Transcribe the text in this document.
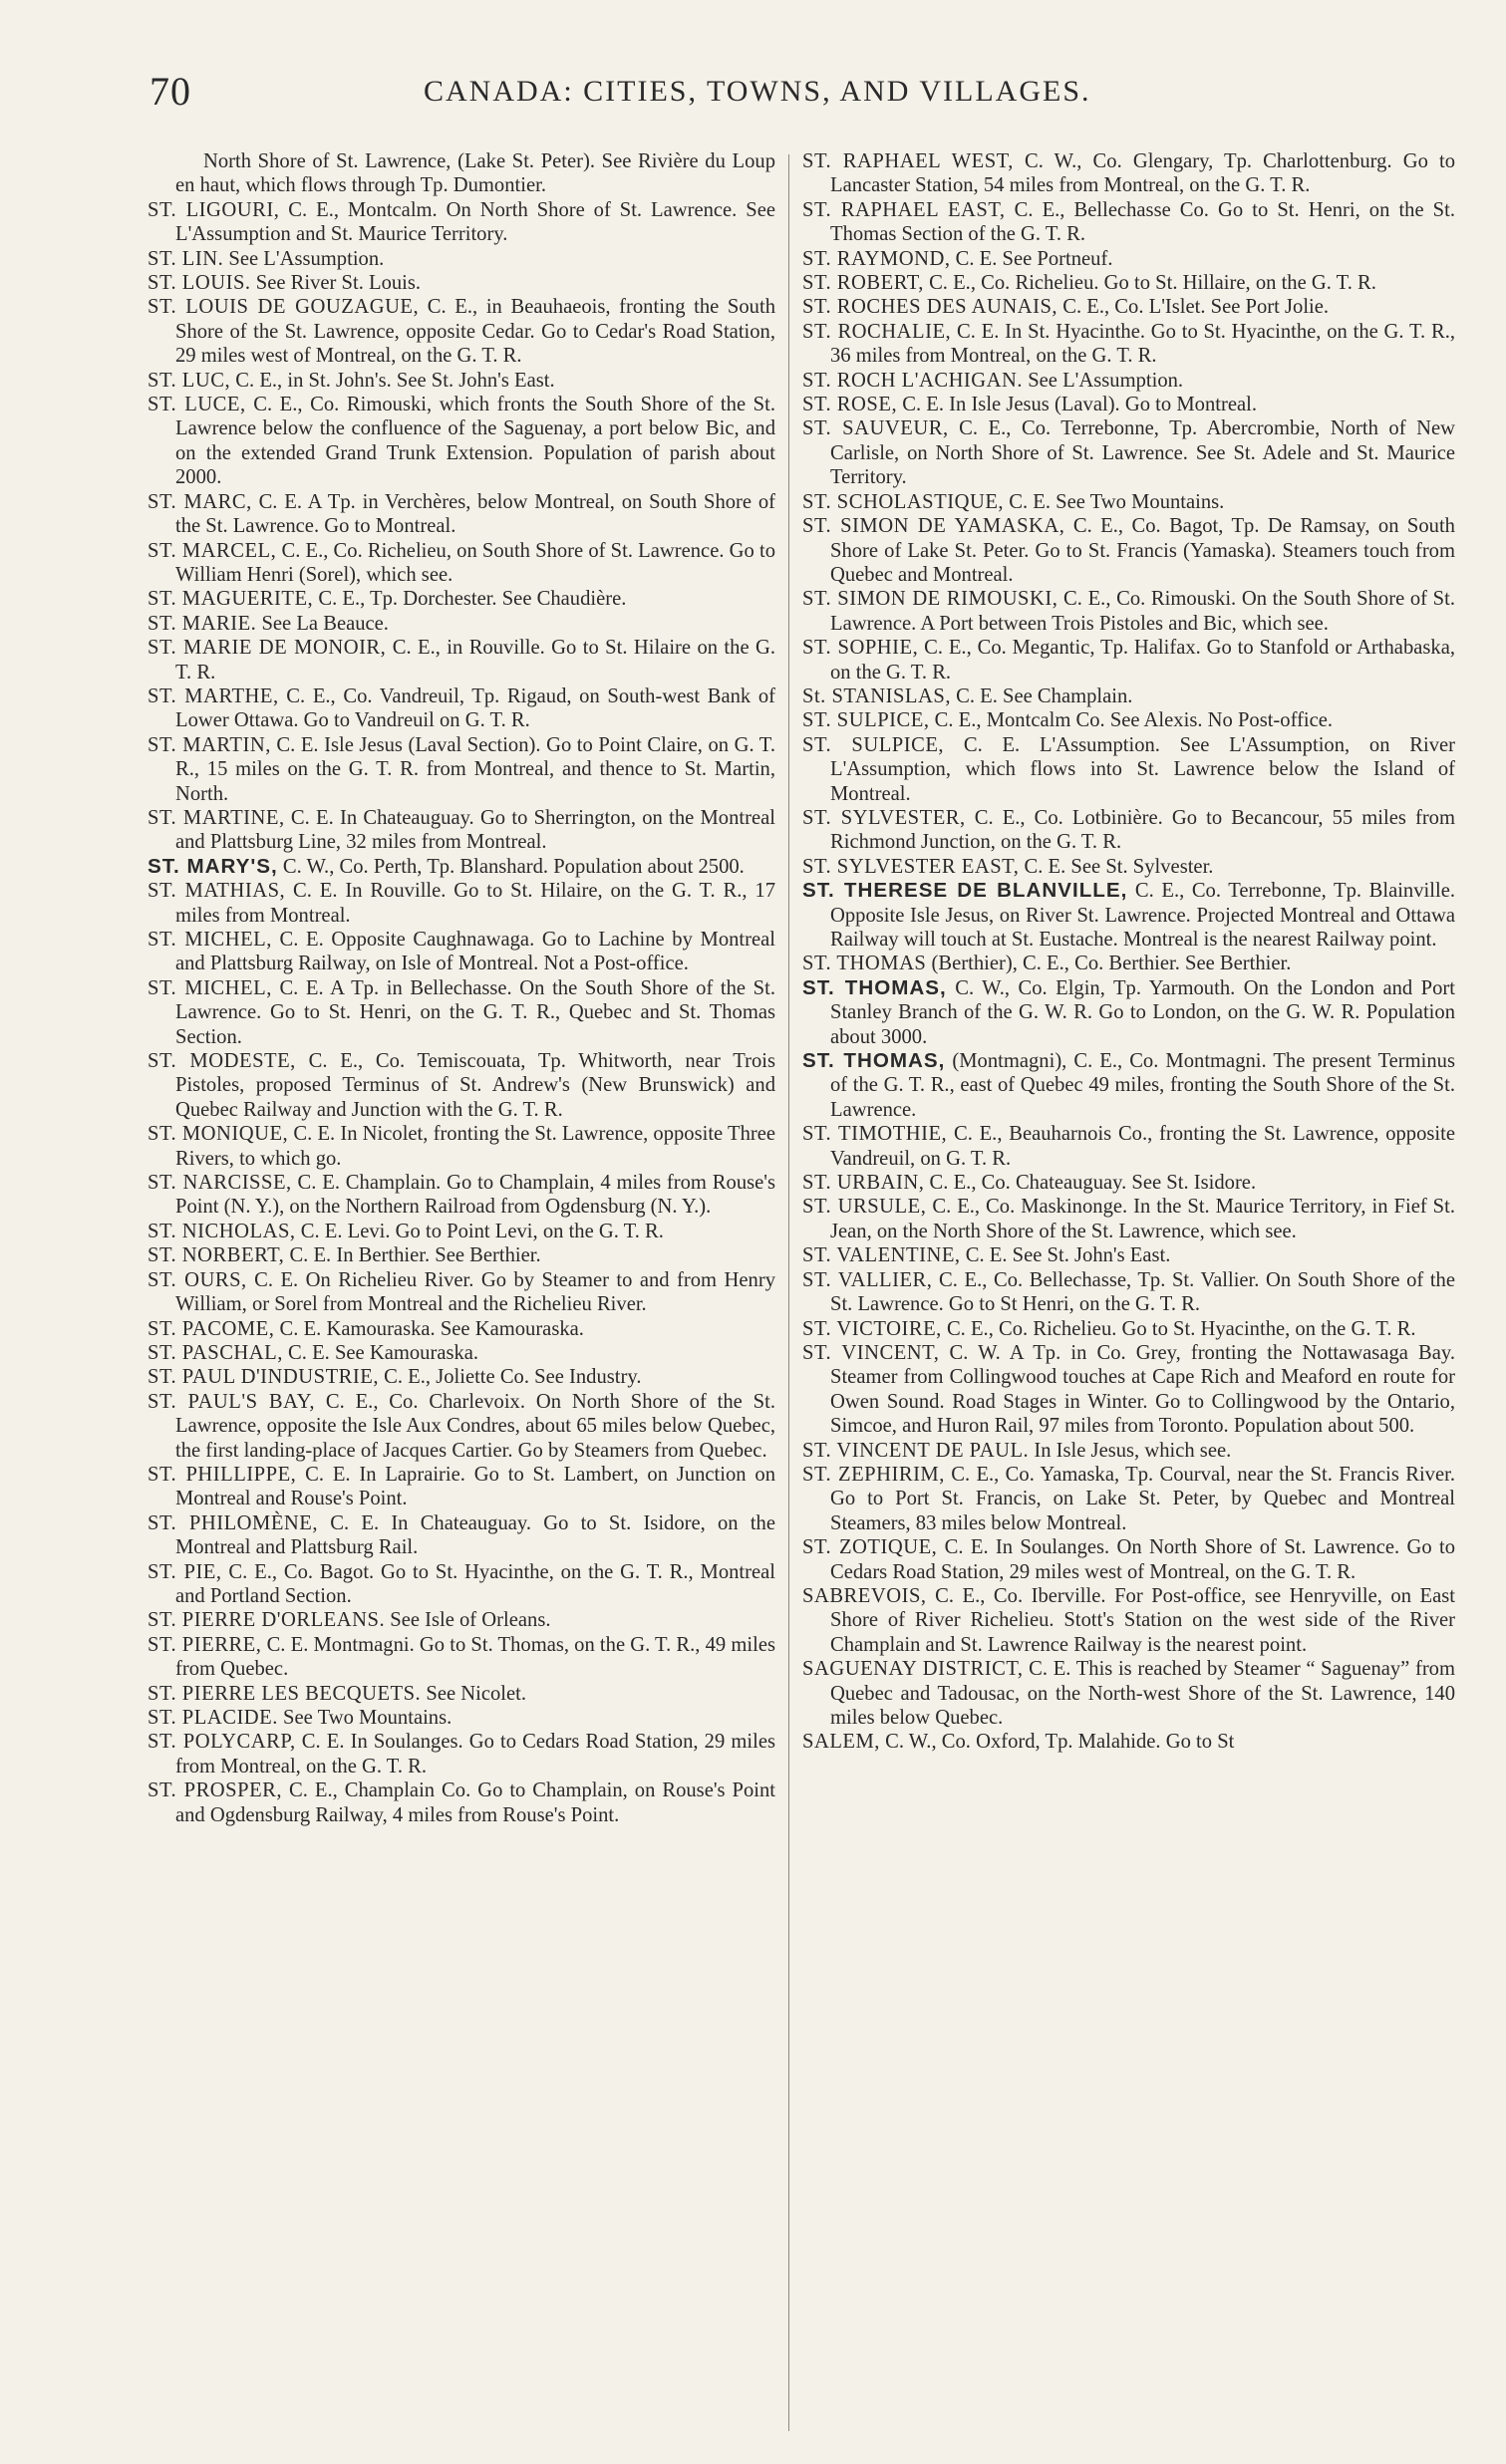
70	CANADA: CITIES, TOWNS, AND VILLAGES.

North Shore of St. Lawrence, (Lake St. Peter). See Rivière du Loup en haut, which flows through Tp. Dumontier.

ST. LIGOURI, C. E., Montcalm. On North Shore of St. Lawrence. See L'Assumption and St. Maurice Territory.

ST. LIN. See L'Assumption.

ST. LOUIS. See River St. Louis.

ST. LOUIS DE GOUZAGUE, C. E., in Beauhaeois, fronting the South Shore of the St. Lawrence, opposite Cedar. Go to Cedar's Road Station, 29 miles west of Montreal, on the G. T. R.

ST. LUC, C. E., in St. John's. See St. John's East.

ST. LUCE, C. E., Co. Rimouski, which fronts the South Shore of the St. Lawrence below the confluence of the Saguenay, a port below Bic, and on the extended Grand Trunk Extension. Population of parish about 2000.

ST. MARC, C. E. A Tp. in Verchères, below Montreal, on South Shore of the St. Lawrence. Go to Montreal.

ST. MARCEL, C. E., Co. Richelieu, on South Shore of St. Lawrence. Go to William Henri (Sorel), which see.

ST. MAGUERITE, C. E., Tp. Dorchester. See Chaudière.

ST. MARIE. See La Beauce.

ST. MARIE DE MONOIR, C. E., in Rouville. Go to St. Hilaire on the G. T. R.

ST. MARTHE, C. E., Co. Vandreuil, Tp. Rigaud, on South-west Bank of Lower Ottawa. Go to Vandreuil on G. T. R.

ST. MARTIN, C. E. Isle Jesus (Laval Section). Go to Point Claire, on G. T. R., 15 miles on the G. T. R. from Montreal, and thence to St. Martin, North.

ST. MARTINE, C. E. In Chateauguay. Go to Sherrington, on the Montreal and Plattsburg Line, 32 miles from Montreal.

ST. MARY'S, C. W., Co. Perth, Tp. Blanshard. Population about 2500.

ST. MATHIAS, C. E. In Rouville. Go to St. Hilaire, on the G. T. R., 17 miles from Montreal.

ST. MICHEL, C. E. Opposite Caughnawaga. Go to Lachine by Montreal and Plattsburg Railway, on Isle of Montreal. Not a Post-office.

ST. MICHEL, C. E. A Tp. in Bellechasse. On the South Shore of the St. Lawrence. Go to St. Henri, on the G. T. R., Quebec and St. Thomas Section.

ST. MODESTE, C. E., Co. Temiscouata, Tp. Whitworth, near Trois Pistoles, proposed Terminus of St. Andrew's (New Brunswick) and Quebec Railway and Junction with the G. T. R.

ST. MONIQUE, C. E. In Nicolet, fronting the St. Lawrence, opposite Three Rivers, to which go.

ST. NARCISSE, C. E. Champlain. Go to Champlain, 4 miles from Rouse's Point (N. Y.), on the Northern Railroad from Ogdensburg (N. Y.).

ST. NICHOLAS, C. E. Levi. Go to Point Levi, on the G. T. R.

ST. NORBERT, C. E. In Berthier. See Berthier.

ST. OURS, C. E. On Richelieu River. Go by Steamer to and from Henry William, or Sorel from Montreal and the Richelieu River.

ST. PACOME, C. E. Kamouraska. See Kamouraska.

ST. PASCHAL, C. E. See Kamouraska.

ST. PAUL D'INDUSTRIE, C. E., Joliette Co. See Industry.

ST. PAUL'S BAY, C. E., Co. Charlevoix. On North Shore of the St. Lawrence, opposite the Isle Aux Condres, about 65 miles below Quebec, the first landing-place of Jacques Cartier. Go by Steamers from Quebec.

ST. PHILLIPPE, C. E. In Laprairie. Go to St. Lambert, on Junction on Montreal and Rouse's Point.

ST. PHILOMÈNE, C. E. In Chateauguay. Go to St. Isidore, on the Montreal and Plattsburg Rail.

ST. PIE, C. E., Co. Bagot. Go to St. Hyacinthe, on the G. T. R., Montreal and Portland Section.

ST. PIERRE D'ORLEANS. See Isle of Orleans.

ST. PIERRE, C. E. Montmagni. Go to St. Thomas, on the G. T. R., 49 miles from Quebec.

ST. PIERRE LES BECQUETS. See Nicolet.

ST. PLACIDE. See Two Mountains.

ST. POLYCARP, C. E. In Soulanges. Go to Cedars Road Station, 29 miles from Montreal, on the G. T. R.

ST. PROSPER, C. E., Champlain Co. Go to Champlain, on Rouse's Point and Ogdensburg Railway, 4 miles from Rouse's Point.

ST. RAPHAEL WEST, C. W., Co. Glengary, Tp. Charlottenburg. Go to Lancaster Station, 54 miles from Montreal, on the G. T. R.

ST. RAPHAEL EAST, C. E., Bellechasse Co. Go to St. Henri, on the St. Thomas Section of the G. T. R.

ST. RAYMOND, C. E. See Portneuf.

ST. ROBERT, C. E., Co. Richelieu. Go to St. Hillaire, on the G. T. R.

ST. ROCHES DES AUNAIS, C. E., Co. L'Islet. See Port Jolie.

ST. ROCHALIE, C. E. In St. Hyacinthe. Go to St. Hyacinthe, on the G. T. R., 36 miles from Montreal, on the G. T. R.

ST. ROCH L'ACHIGAN. See L'Assumption.

ST. ROSE, C. E. In Isle Jesus (Laval). Go to Montreal.

ST. SAUVEUR, C. E., Co. Terrebonne, Tp. Abercrombie, North of New Carlisle, on North Shore of St. Lawrence. See St. Adele and St. Maurice Territory.

ST. SCHOLASTIQUE, C. E. See Two Mountains.

ST. SIMON DE YAMASKA, C. E., Co. Bagot, Tp. De Ramsay, on South Shore of Lake St. Peter. Go to St. Francis (Yamaska). Steamers touch from Quebec and Montreal.

ST. SIMON DE RIMOUSKI, C. E., Co. Rimouski. On the South Shore of St. Lawrence. A Port between Trois Pistoles and Bic, which see.

ST. SOPHIE, C. E., Co. Megantic, Tp. Halifax. Go to Stanfold or Arthabaska, on the G. T. R.

St. STANISLAS, C. E. See Champlain.

ST. SULPICE, C. E., Montcalm Co. See Alexis. No Post-office.

ST. SULPICE, C. E. L'Assumption. See L'Assumption, on River L'Assumption, which flows into St. Lawrence below the Island of Montreal.

ST. SYLVESTER, C. E., Co. Lotbinière. Go to Becancour, 55 miles from Richmond Junction, on the G. T. R.

ST. SYLVESTER EAST, C. E. See St. Sylvester.

ST. THERESE DE BLANVILLE, C. E., Co. Terrebonne, Tp. Blainville. Opposite Isle Jesus, on River St. Lawrence. Projected Montreal and Ottawa Railway will touch at St. Eustache. Montreal is the nearest Railway point.

ST. THOMAS (Berthier), C. E., Co. Berthier. See Berthier.

ST. THOMAS, C. W., Co. Elgin, Tp. Yarmouth. On the London and Port Stanley Branch of the G. W. R. Go to London, on the G. W. R. Population about 3000.

ST. THOMAS, (Montmagni), C. E., Co. Montmagni. The present Terminus of the G. T. R., east of Quebec 49 miles, fronting the South Shore of the St. Lawrence.

ST. TIMOTHIE, C. E., Beauharnois Co., fronting the St. Lawrence, opposite Vandreuil, on G. T. R.

ST. URBAIN, C. E., Co. Chateauguay. See St. Isidore.

ST. URSULE, C. E., Co. Maskinonge. In the St. Maurice Territory, in Fief St. Jean, on the North Shore of the St. Lawrence, which see.

ST. VALENTINE, C. E. See St. John's East.

ST. VALLIER, C. E., Co. Bellechasse, Tp. St. Vallier. On South Shore of the St. Lawrence. Go to St Henri, on the G. T. R.

ST. VICTOIRE, C. E., Co. Richelieu. Go to St. Hyacinthe, on the G. T. R.

ST. VINCENT, C. W. A Tp. in Co. Grey, fronting the Nottawasaga Bay. Steamer from Collingwood touches at Cape Rich and Meaford en route for Owen Sound. Road Stages in Winter. Go to Collingwood by the Ontario, Simcoe, and Huron Rail, 97 miles from Toronto. Population about 500.

ST. VINCENT DE PAUL. In Isle Jesus, which see.

ST. ZEPHIRIM, C. E., Co. Yamaska, Tp. Courval, near the St. Francis River. Go to Port St. Francis, on Lake St. Peter, by Quebec and Montreal Steamers, 83 miles below Montreal.

ST. ZOTIQUE, C. E. In Soulanges. On North Shore of St. Lawrence. Go to Cedars Road Station, 29 miles west of Montreal, on the G. T. R.

SABREVOIS, C. E., Co. Iberville. For Post-office, see Henryville, on East Shore of River Richelieu. Stott's Station on the west side of the River Champlain and St. Lawrence Railway is the nearest point.

SAGUENAY DISTRICT, C. E. This is reached by Steamer “ Saguenay” from Quebec and Tadousac, on the North-west Shore of the St. Lawrence, 140 miles below Quebec.

SALEM, C. W., Co. Oxford, Tp. Malahide. Go to St
